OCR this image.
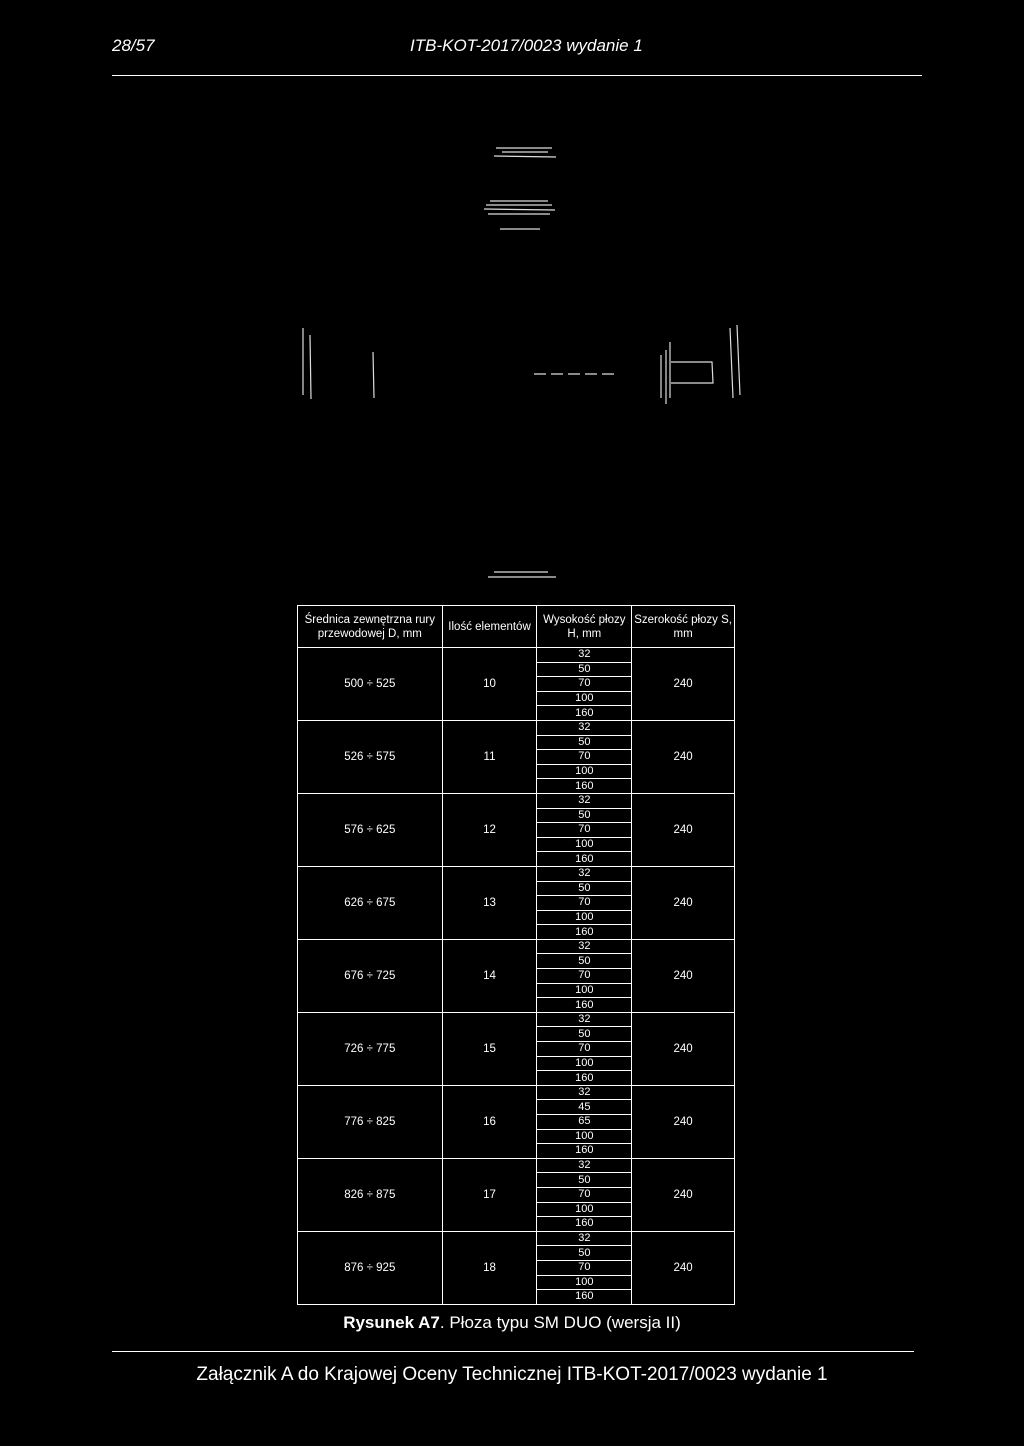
28/57	ITB-KOT-2017/0023 wydanie 1
Średnica zewnętrzna rury przewodowej D, mm	Ilość elementów	Wysokość płozy H, mm	Szerokość płozy S, mm
500 ÷ 525	10	32	240
		50	
		70	
		100	
		160	
526 ÷ 575	11	32	240
		50	
		70	
		100	
		160	
576 ÷ 625	12	32	240
		50	
		70	
		100	
		160	
626 ÷ 675	13	32	240
		50	
		70	
		100	
		160	
676 ÷ 725	14	32	240
		50	
		70	
		100	
		160	
726 ÷ 775	15	32	240
		50	
		70	
		100	
		160	
776 ÷ 825	16	32	240
		45	
		65	
		100	
		160	
826 ÷ 875	17	32	240
		50	
		70	
		100	
		160	
876 ÷ 925	18	32	240
		50	
		70	
		100	
		160	
Rysunek A7. Płoza typu SM DUO (wersja II)
Załącznik A do Krajowej Oceny Technicznej ITB-KOT-2017/0023 wydanie 1
